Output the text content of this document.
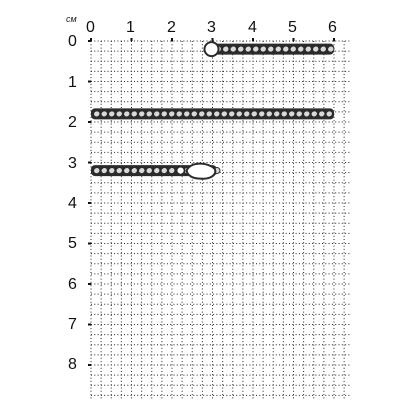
см 0 1 2 3 4 5 6
0
1
2
3
4
5
6
7
8
